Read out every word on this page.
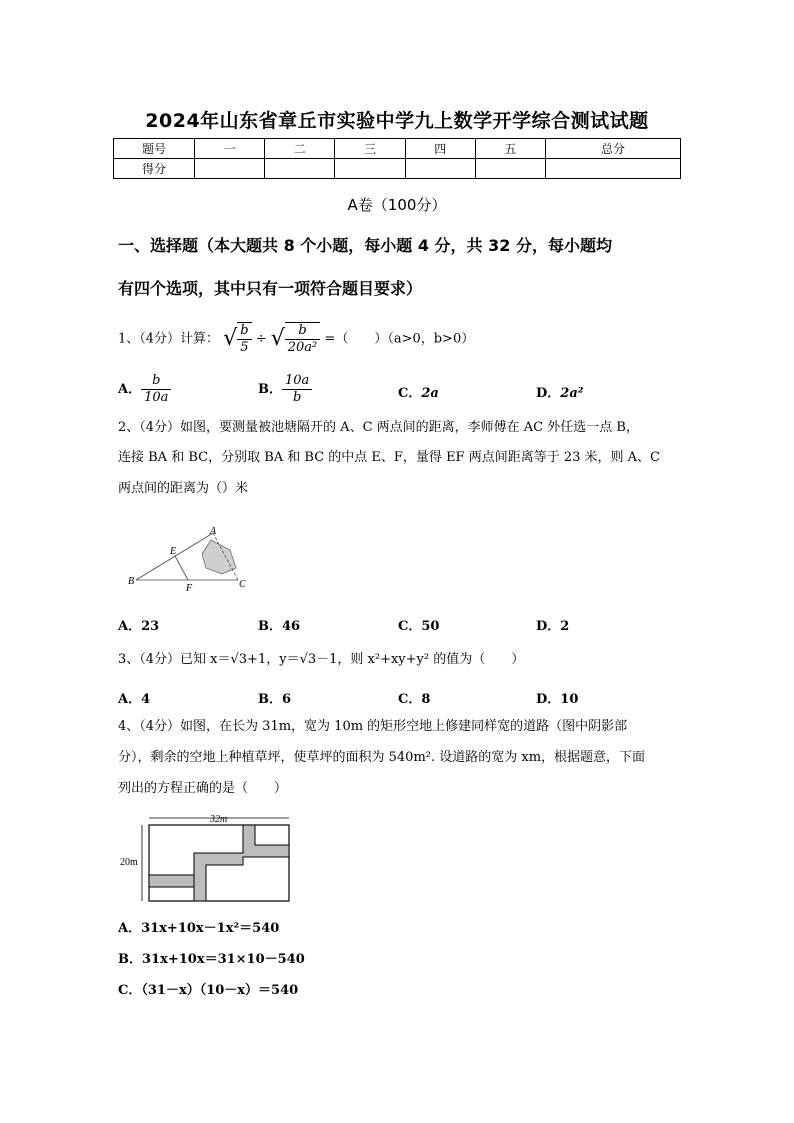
2024年山东省章丘市实验中学九上数学开学综合测试试题
题号	一	二	三	四	五	总分
得分						
A卷（100分）
一、选择题（本大题共 8 个小题，每小题 4 分，共 32 分，每小题均
有四个选项，其中只有一项符合题目要求）
1、（4分）计算： √ $\frac{b}{5}$ ÷ √ $\frac{b}{\text{20a²}}$ =（　　）（a>0，b>0）
A． $\frac{b}{10a}$	B． $\frac{10a}{b}$	C．2a	D．2a²
2、（4分）如图，要测量被池塘隔开的 A、C 两点间的距离，李师傅在 AC 外任选一点 B，
连接 BA 和 BC，分别取 BA 和 BC 的中点 E、F，量得 EF 两点间距离等于 23 米，则 A、C
两点间的距离为（）米
A
B	C
E
F
A．23	B．46	C．50	D．2
3、（4分）已知 x＝√3+1，y＝√3－1，则 x²+xy+y² 的值为（　　）
A．4	B．6	C．8	D．10
4、（4分）如图，在长为 31m，宽为 10m 的矩形空地上修建同样宽的道路（图中阴影部
分），剩余的空地上种植草坪，使草坪的面积为 540m². 设道路的宽为 xm，根据题意，下面
列出的方程正确的是（　　）
32m
20m
A．31x+10x－1x²＝540
B．31x+10x＝31×10－540
C．（31－x）（10－x）＝540
